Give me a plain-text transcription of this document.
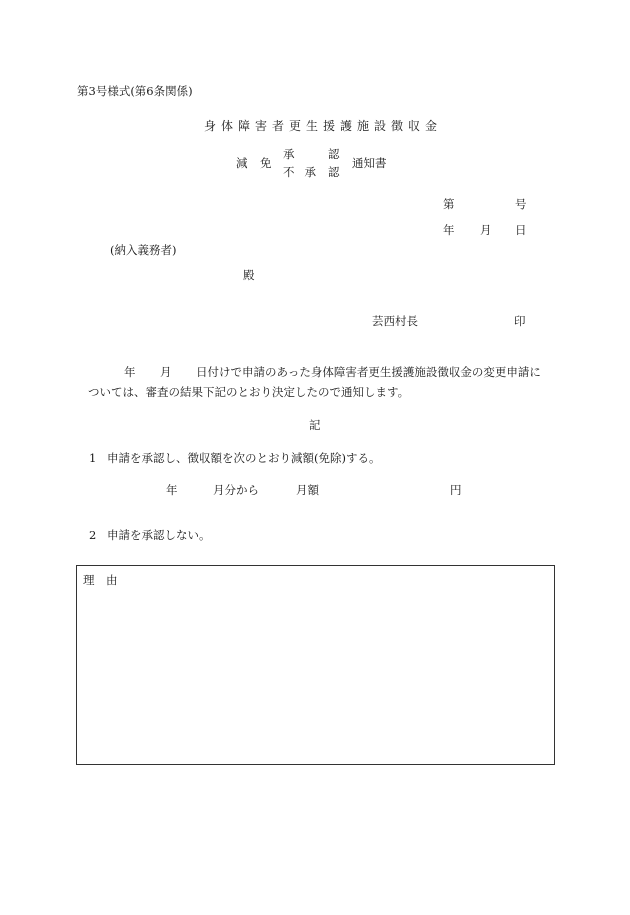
第3号様式(第6条関係)
身体障害者更生援護施設徴収金
減 免
承	認
不承 認
通知書
第	号
年 月 日
(納入義務者)
殿
芸西村長	印
年 月 日付けで申請のあった身体障害者更生援護施設徴収金の変更申請に
ついては、審査の結果下記のとおり決定したので通知します。
記
1 申請を承認し、徴収額を次のとおり減額(免除)する。
年	月分から	月額	円
2 申請を承認しない。
理　由
